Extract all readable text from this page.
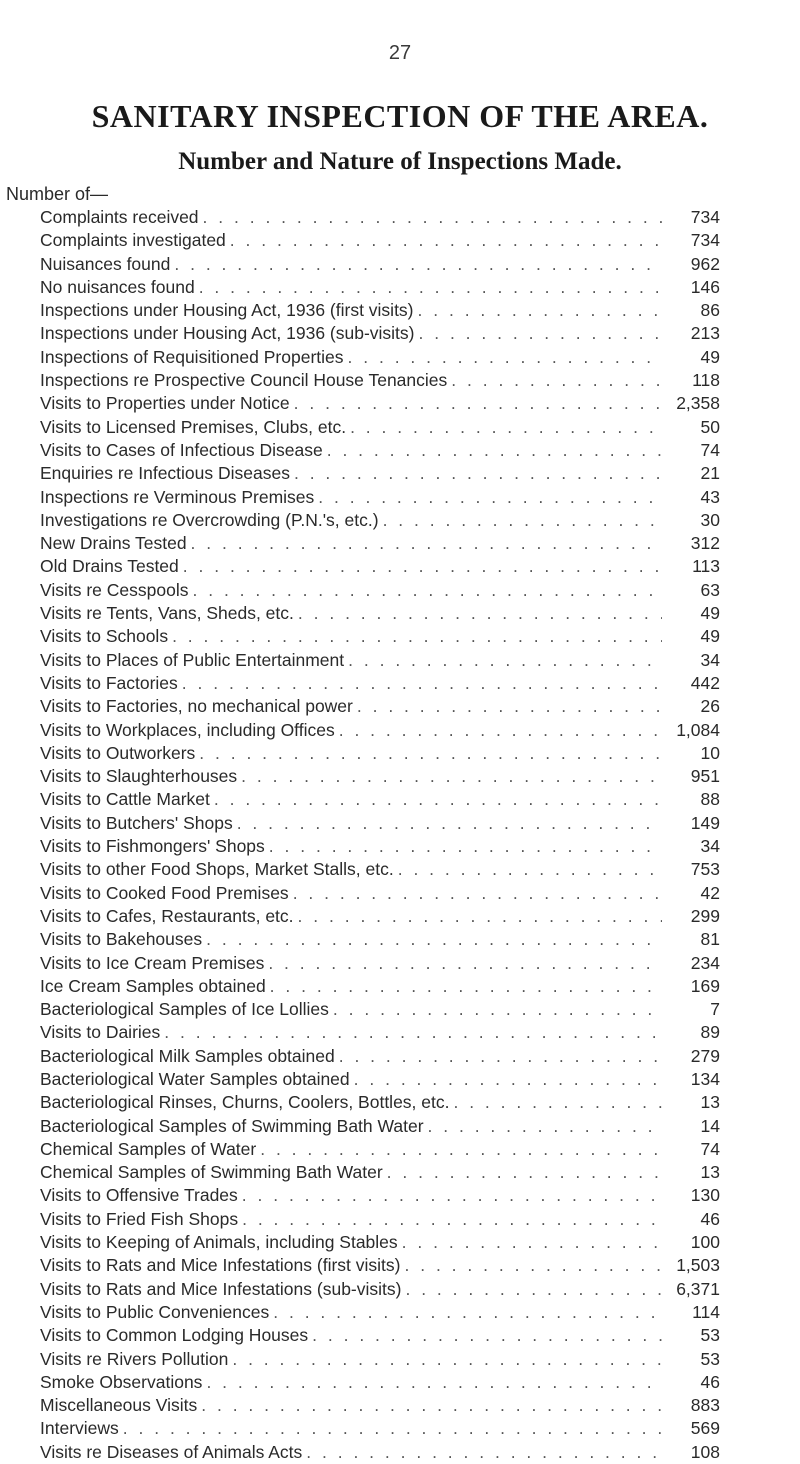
27
SANITARY INSPECTION OF THE AREA.
Number and Nature of Inspections Made.
Number of—
Complaints received . . .	734
Complaints investigated . . .	734
Nuisances found . . .	962
No nuisances found . . .	146
Inspections under Housing Act, 1936 (first visits) . . .	86
Inspections under Housing Act, 1936 (sub-visits) . . .	213
Inspections of Requisitioned Properties . . .	49
Inspections re Prospective Council House Tenancies . . .	118
Visits to Properties under Notice . . .	2,358
Visits to Licensed Premises, Clubs, etc. . . .	50
Visits to Cases of Infectious Disease . . .	74
Enquiries re Infectious Diseases . . .	21
Inspections re Verminous Premises . . .	43
Investigations re Overcrowding (P.N.'s, etc.) . . .	30
New Drains Tested . . .	312
Old Drains Tested . . .	113
Visits re Cesspools . . .	63
Visits re Tents, Vans, Sheds, etc. . . .	49
Visits to Schools . . .	49
Visits to Places of Public Entertainment . . .	34
Visits to Factories . . .	442
Visits to Factories, no mechanical power . . .	26
Visits to Workplaces, including Offices . . .	1,084
Visits to Outworkers . . .	10
Visits to Slaughterhouses . . .	951
Visits to Cattle Market . . .	88
Visits to Butchers' Shops . . .	149
Visits to Fishmongers' Shops . . .	34
Visits to other Food Shops, Market Stalls, etc. . . .	753
Visits to Cooked Food Premises . . .	42
Visits to Cafes, Restaurants, etc. . . .	299
Visits to Bakehouses . . .	81
Visits to Ice Cream Premises . . .	234
Ice Cream Samples obtained . . .	169
Bacteriological Samples of Ice Lollies . . .	7
Visits to Dairies . . .	89
Bacteriological Milk Samples obtained . . .	279
Bacteriological Water Samples obtained . . .	134
Bacteriological Rinses, Churns, Coolers, Bottles, etc. . . .	13
Bacteriological Samples of Swimming Bath Water . . .	14
Chemical Samples of Water . . .	74
Chemical Samples of Swimming Bath Water . . .	13
Visits to Offensive Trades . . .	130
Visits to Fried Fish Shops . . .	46
Visits to Keeping of Animals, including Stables . . .	100
Visits to Rats and Mice Infestations (first visits) . . .	1,503
Visits to Rats and Mice Infestations (sub-visits) . . .	6,371
Visits to Public Conveniences . . .	114
Visits to Common Lodging Houses . . .	53
Visits re Rivers Pollution . . .	53
Smoke Observations . . .	46
Miscellaneous Visits . . .	883
Interviews . . .	569
Visits re Diseases of Animals Acts . . .	108
